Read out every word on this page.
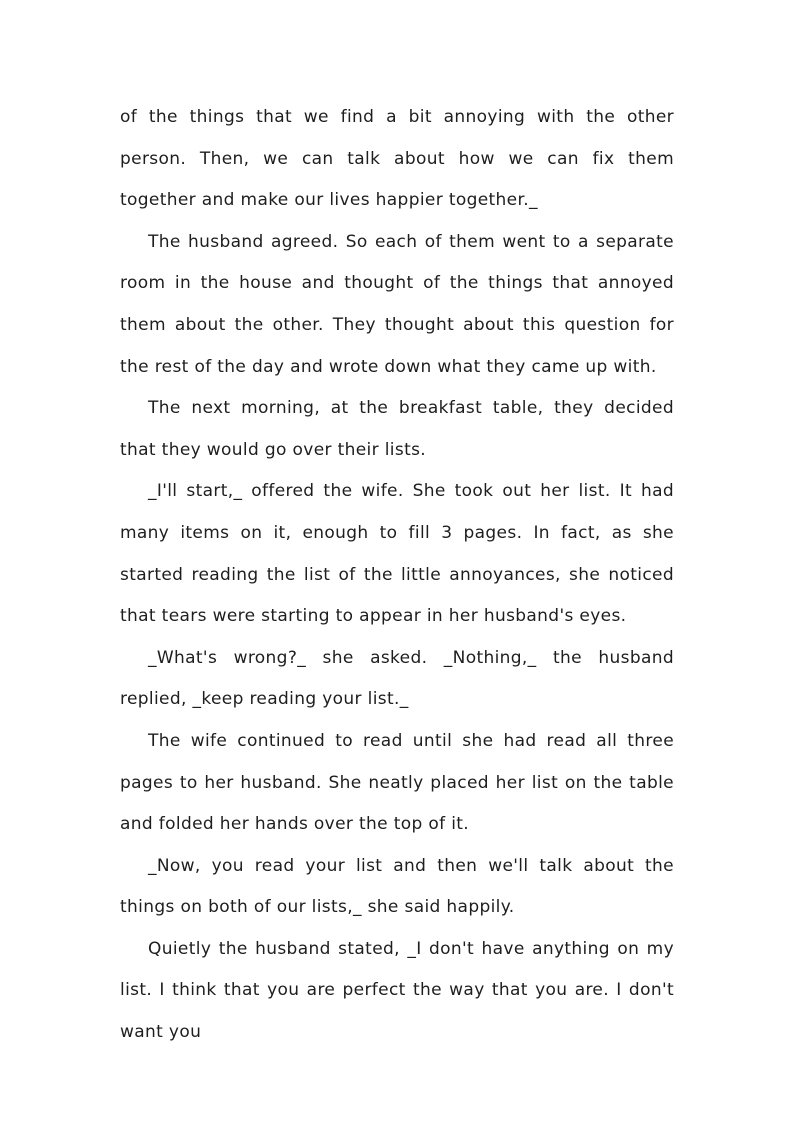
of the things that we find a bit annoying with the other person. Then, we can talk about how we can fix them together and make our lives happier together._

The husband agreed. So each of them went to a separate room in the house and thought of the things that annoyed them about the other. They thought about this question for the rest of the day and wrote down what they came up with.

The next morning, at the breakfast table, they decided that they would go over their lists.

_I'll start,_ offered the wife. She took out her list. It had many items on it, enough to fill 3 pages. In fact, as she started reading the list of the little annoyances, she noticed that tears were starting to appear in her husband's eyes.

_What's wrong?_ she asked. _Nothing,_ the husband replied, _keep reading your list._

The wife continued to read until she had read all three pages to her husband. She neatly placed her list on the table and folded her hands over the top of it.

_Now, you read your list and then we'll talk about the things on both of our lists,_ she said happily.

Quietly the husband stated, _I don't have anything on my list. I think that you are perfect the way that you are. I don't want you
